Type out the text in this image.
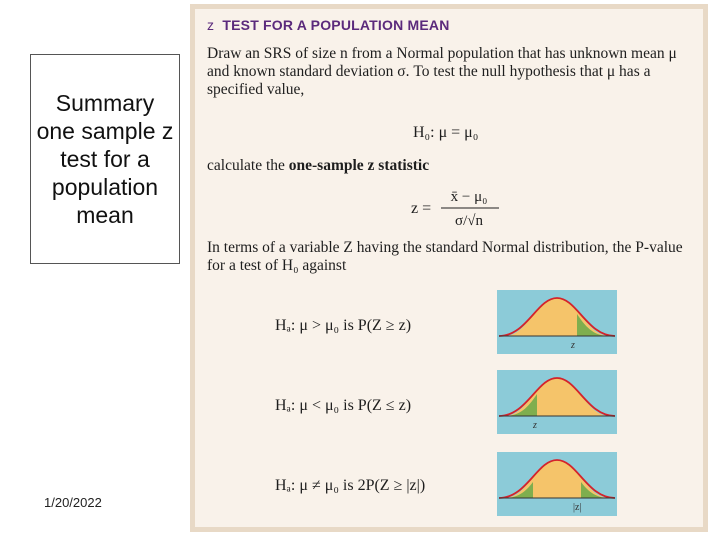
Summary one sample z test for a population mean
1/20/2022
z TEST FOR A POPULATION MEAN
Draw an SRS of size n from a Normal population that has unknown mean μ and known standard deviation σ. To test the null hypothesis that μ has a specified value,
H₀: μ = μ₀
calculate the one-sample z statistic
z =
x̄ − μ₀
σ/√n
In terms of a variable Z having the standard Normal distribution, the P-value for a test of H₀ against
Hₐ: μ > μ₀ is P(Z ≥ z)
Hₐ: μ < μ₀ is P(Z ≤ z)
Hₐ: μ ≠ μ₀ is 2P(Z ≥ |z|)
z
z
|z|
